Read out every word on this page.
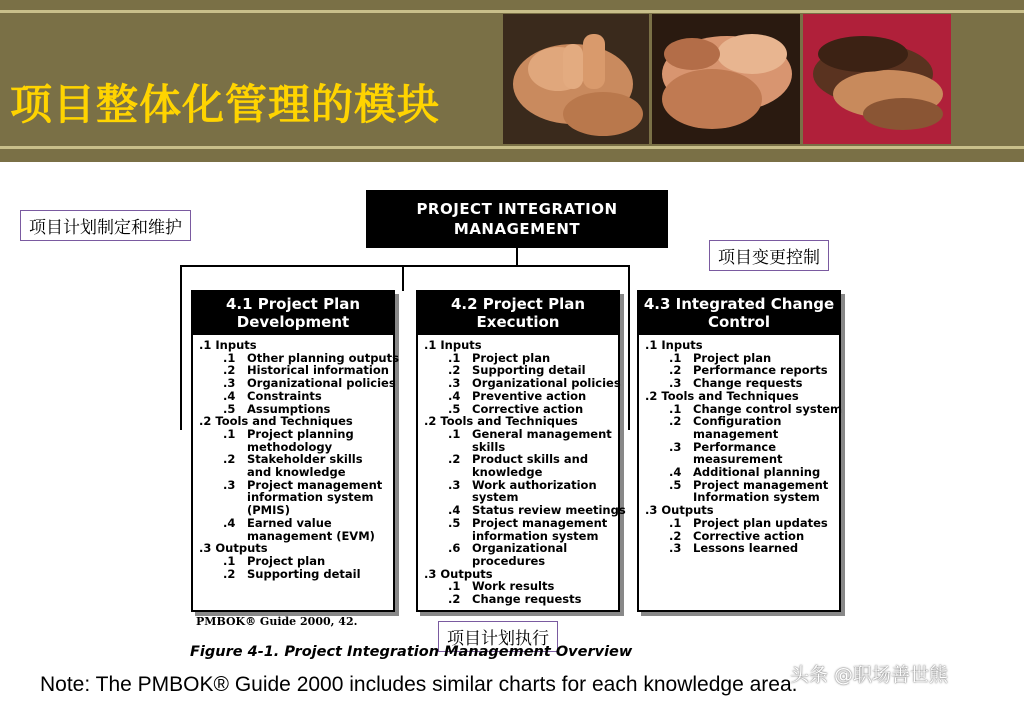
项目整体化管理的模块
PROJECT INTEGRATION
MANAGEMENT
4.1 Project Plan
Development
.1 Inputs
.1 Other planning outputs
.2 Historical information
.3 Organizational policies
.4 Constraints
.5 Assumptions
.2 Tools and Techniques
.1 Project planning
methodology
.2 Stakeholder skills
and knowledge
.3 Project management
information system
(PMIS)
.4 Earned value
management (EVM)
.3 Outputs
.1 Project plan
.2 Supporting detail
4.2 Project Plan
Execution
.1 Inputs
.1 Project plan
.2 Supporting detail
.3 Organizational policies
.4 Preventive action
.5 Corrective action
.2 Tools and Techniques
.1 General management
skills
.2 Product skills and
knowledge
.3 Work authorization
system
.4 Status review meetings
.5 Project management
information system
.6 Organizational
procedures
.3 Outputs
.1 Work results
.2 Change requests
4.3 Integrated Change
Control
.1 Inputs
.1 Project plan
.2 Performance reports
.3 Change requests
.2 Tools and Techniques
.1 Change control system
.2 Configuration
management
.3 Performance
measurement
.4 Additional planning
.5 Project management
Information system
.3 Outputs
.1 Project plan updates
.2 Corrective action
.3 Lessons learned
项目计划制定和维护
项目变更控制
项目计划执行
PMBOK® Guide 2000, 42.
Figure 4-1. Project Integration Management Overview
Note: The PMBOK® Guide 2000 includes similar charts for each knowledge area.
头条 @职场善世熊
